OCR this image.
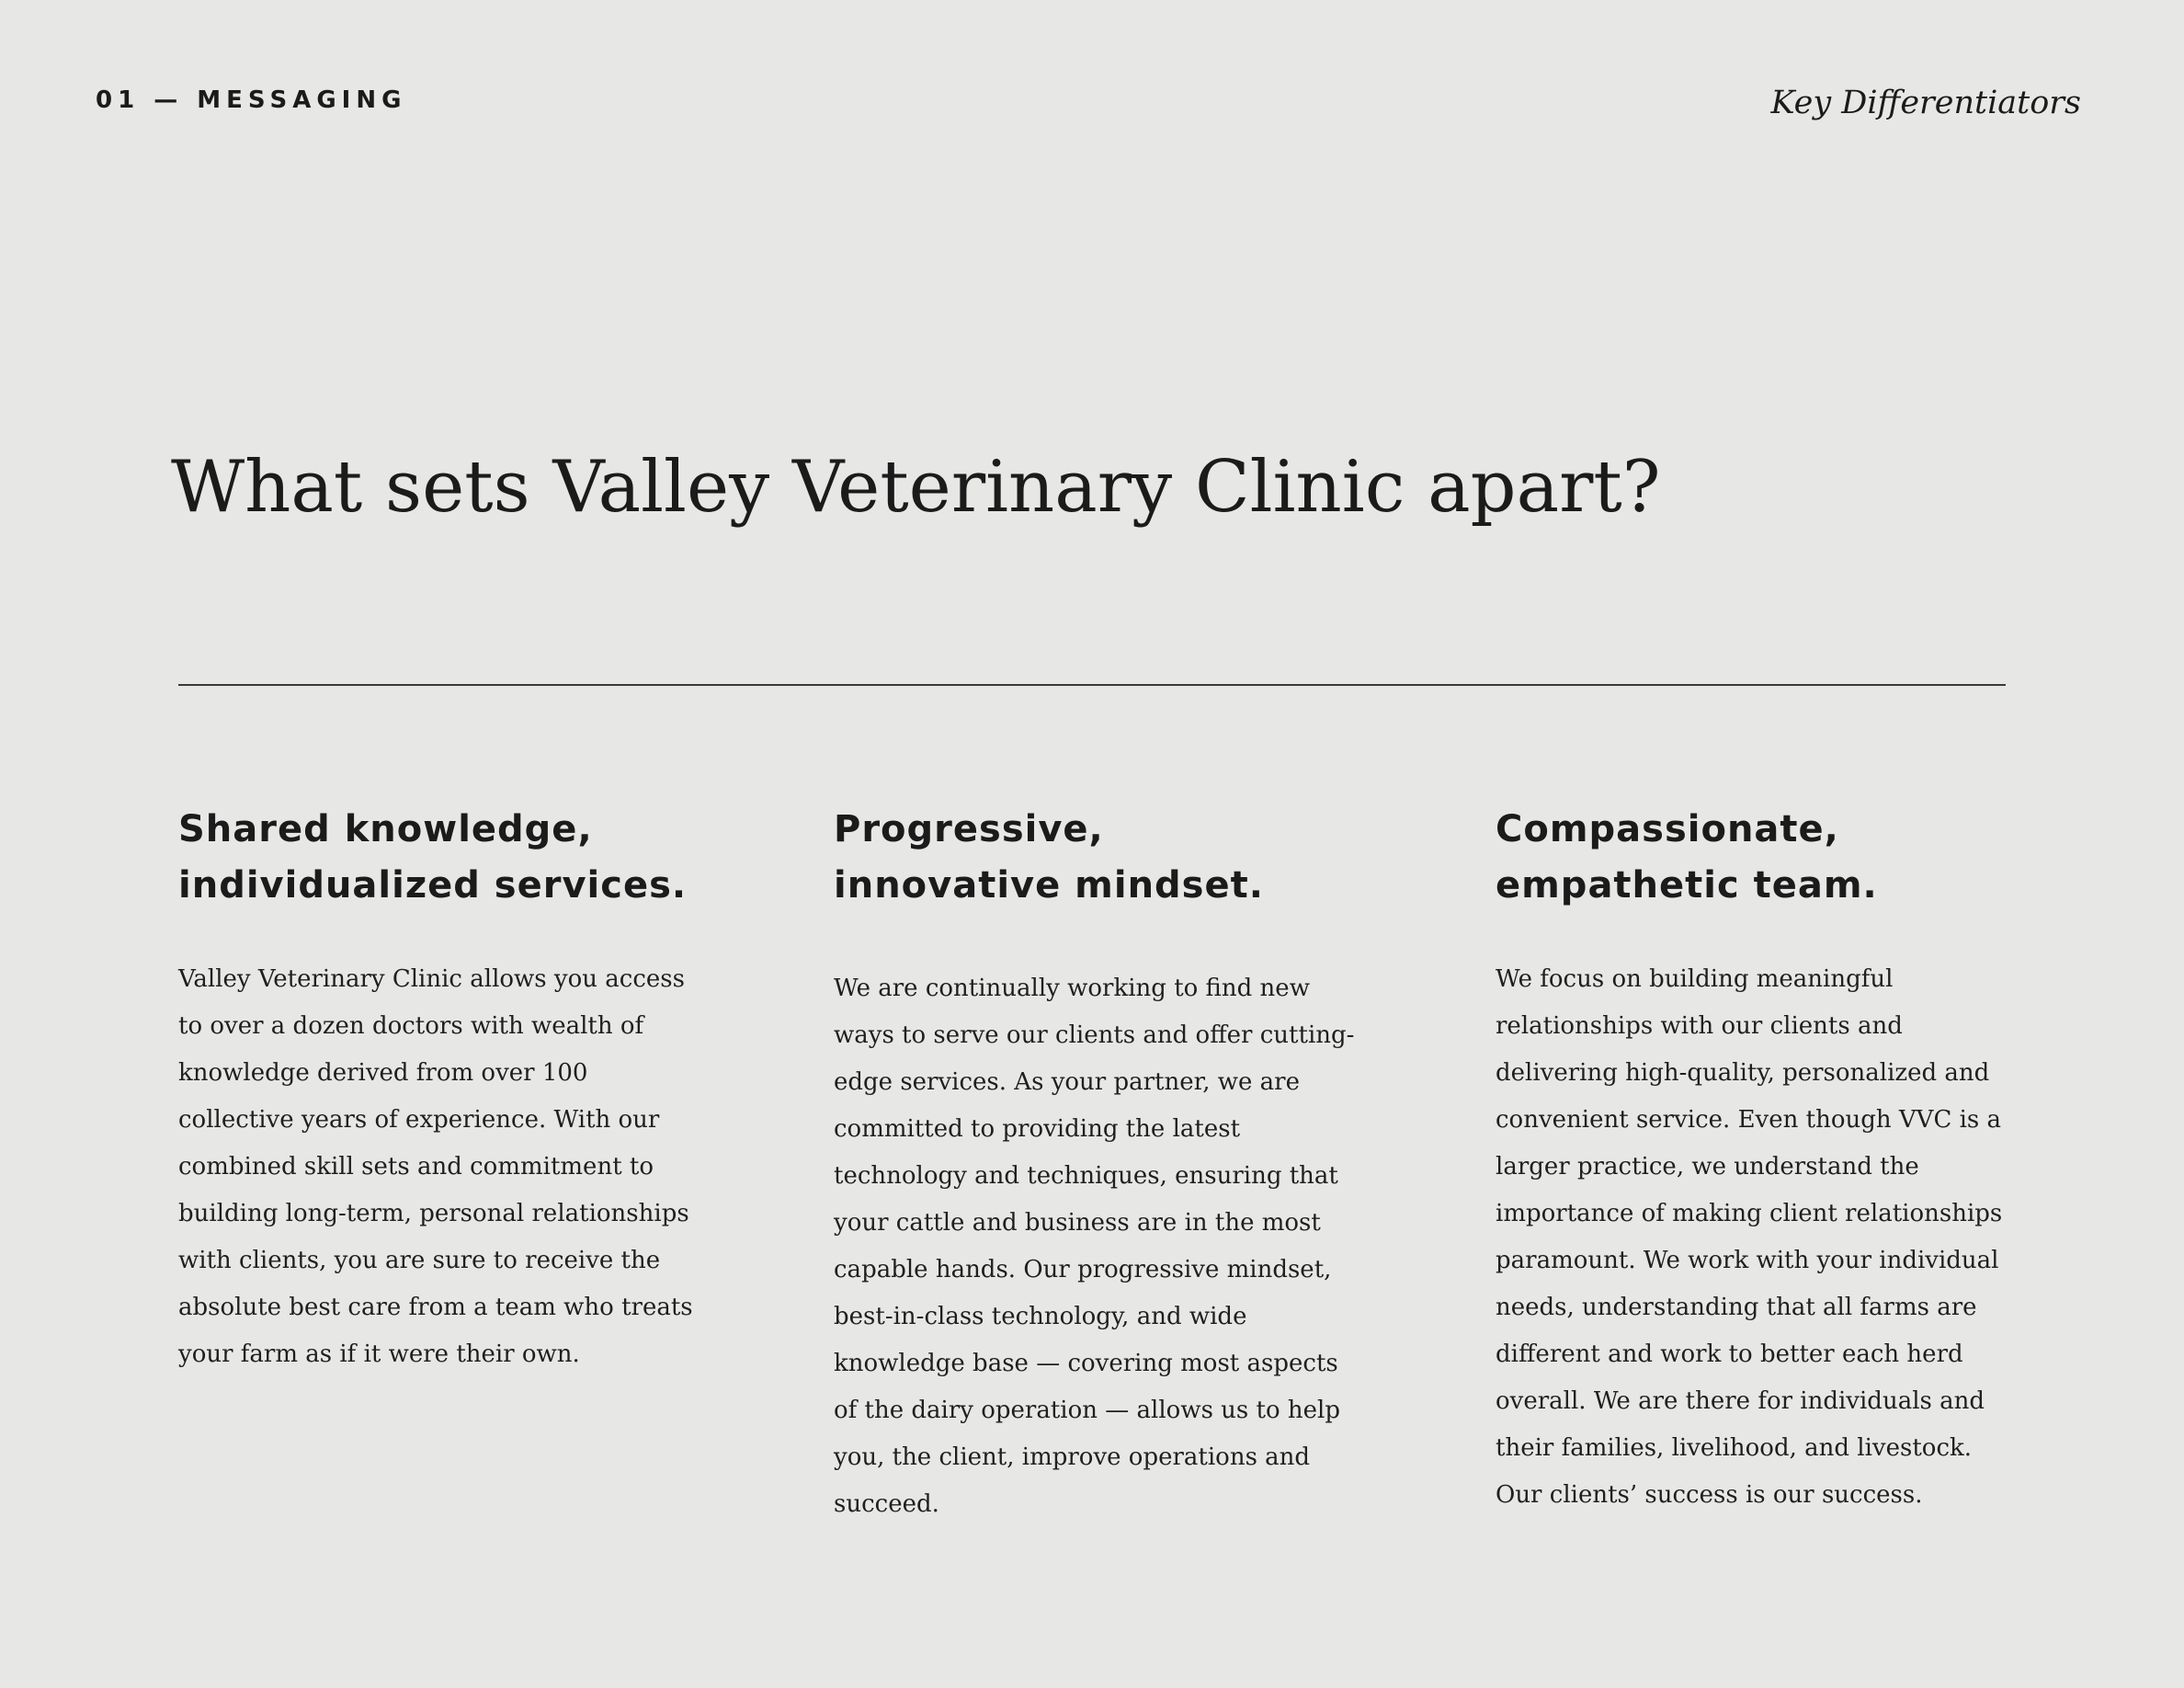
01 — MESSAGING	Key Differentiators
What sets Valley Veterinary Clinic apart?
Shared knowledge,
individualized services.

Valley Veterinary Clinic allows you access to over a dozen doctors with wealth of knowledge derived from over 100 collective years of experience. With our combined skill sets and commitment to building long-term, personal relationships with clients, you are sure to receive the absolute best care from a team who treats your farm as if it were their own.

Progressive,
innovative mindset.

We are continually working to find new ways to serve our clients and offer cutting-edge services. As your partner, we are committed to providing the latest technology and techniques, ensuring that your cattle and business are in the most capable hands. Our progressive mindset, best-in-class technology, and wide knowledge base — covering most aspects of the dairy operation — allows us to help you, the client, improve operations and succeed.

Compassionate,
empathetic team.

We focus on building meaningful relationships with our clients and delivering high-quality, personalized and convenient service. Even though VVC is a larger practice, we understand the importance of making client relationships paramount. We work with your individual needs, understanding that all farms are different and work to better each herd overall. We are there for individuals and their families, livelihood, and livestock. Our clients’ success is our success.
